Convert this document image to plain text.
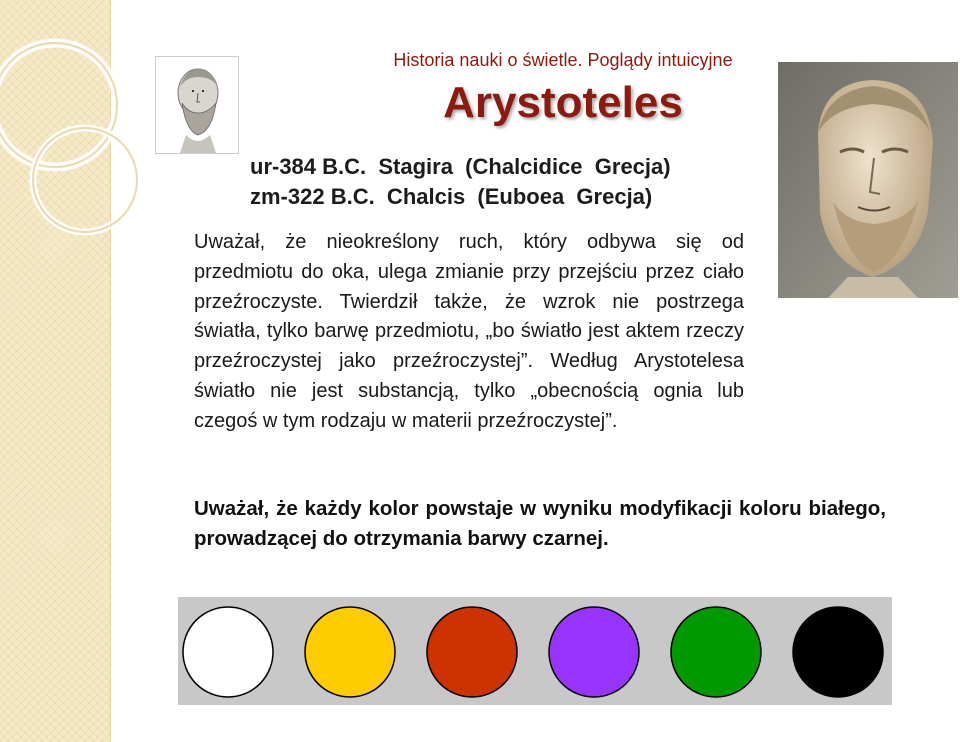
Historia nauki o świetle. Poglądy intuicyjne
Arystoteles
ur-384 B.C.  Stagira  (Chalcidice  Grecja)
zm-322 B.C.  Chalcis  (Euboea  Grecja)
Uważał, że nieokreślony ruch, który odbywa się od przedmiotu do oka, ulega zmianie przy przejściu przez ciało przeźroczyste. Twierdził także, że wzrok nie postrzega światła, tylko barwę przedmiotu, „bo światło jest aktem rzeczy przeźroczystej jako przeźroczystej”. Według Arystotelesa światło nie jest substancją, tylko „obecnością ognia lub czegoś w tym rodzaju w materii przeźroczystej”.
Uważał, że każdy kolor powstaje w wyniku modyfikacji koloru białego, prowadzącej do otrzymania barwy czarnej.
